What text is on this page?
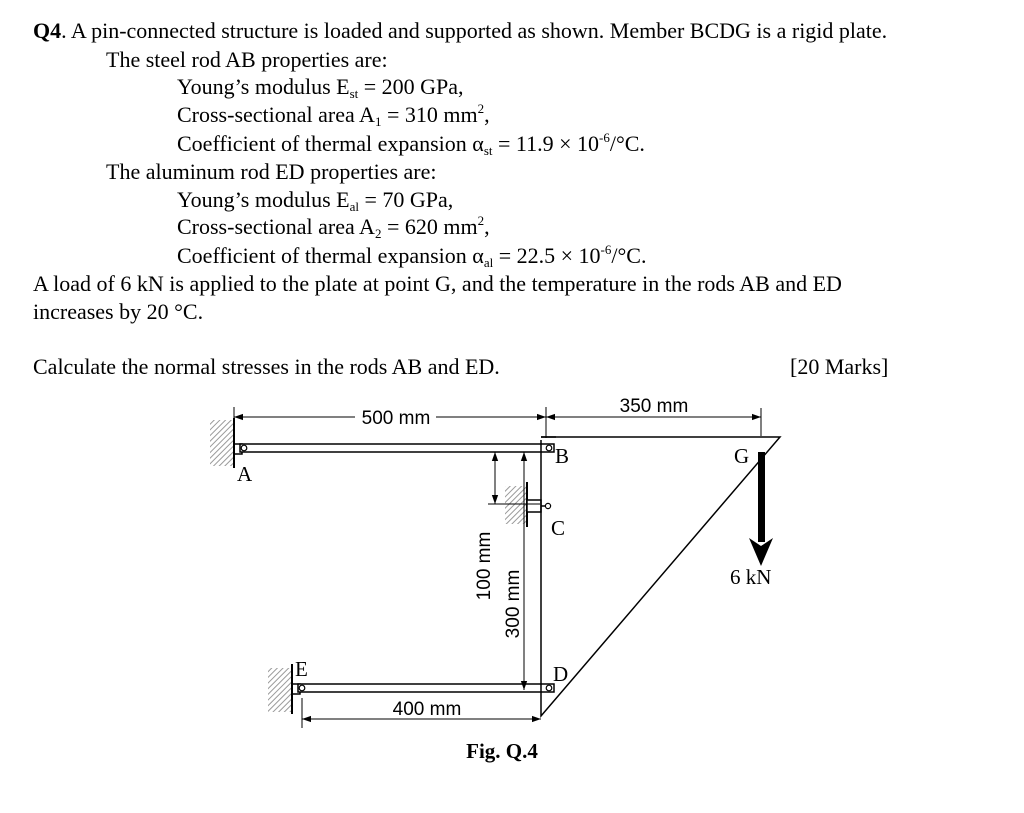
Q4. A pin-connected structure is loaded and supported as shown. Member BCDG is a rigid plate.
The steel rod AB properties are:
Young’s modulus $E_{st} = 200$ GPa,
Cross-sectional area $A_1 = 310$ $mm^2$,
Coefficient of thermal expansion $\alpha_{st} = 11.9 \times 10^{-6}/^\circ C$.
The aluminum rod ED properties are:
Young’s modulus $E_{al} = 70$ GPa,
Cross-sectional area $A_2 = 620$ $mm^2$,
Coefficient of thermal expansion $\alpha_{al} = 22.5 \times 10^{-6}/^\circ C$.
A load of 6 kN is applied to the plate at point G, and the temperature in the rods AB and ED
increases by 20 °C.
Calculate the normal stresses in the rods AB and ED.	[20 Marks]
A
B
C
D
E
G
500 mm
350 mm
100 mm
300 mm
400 mm
6 kN
Fig. Q.4
